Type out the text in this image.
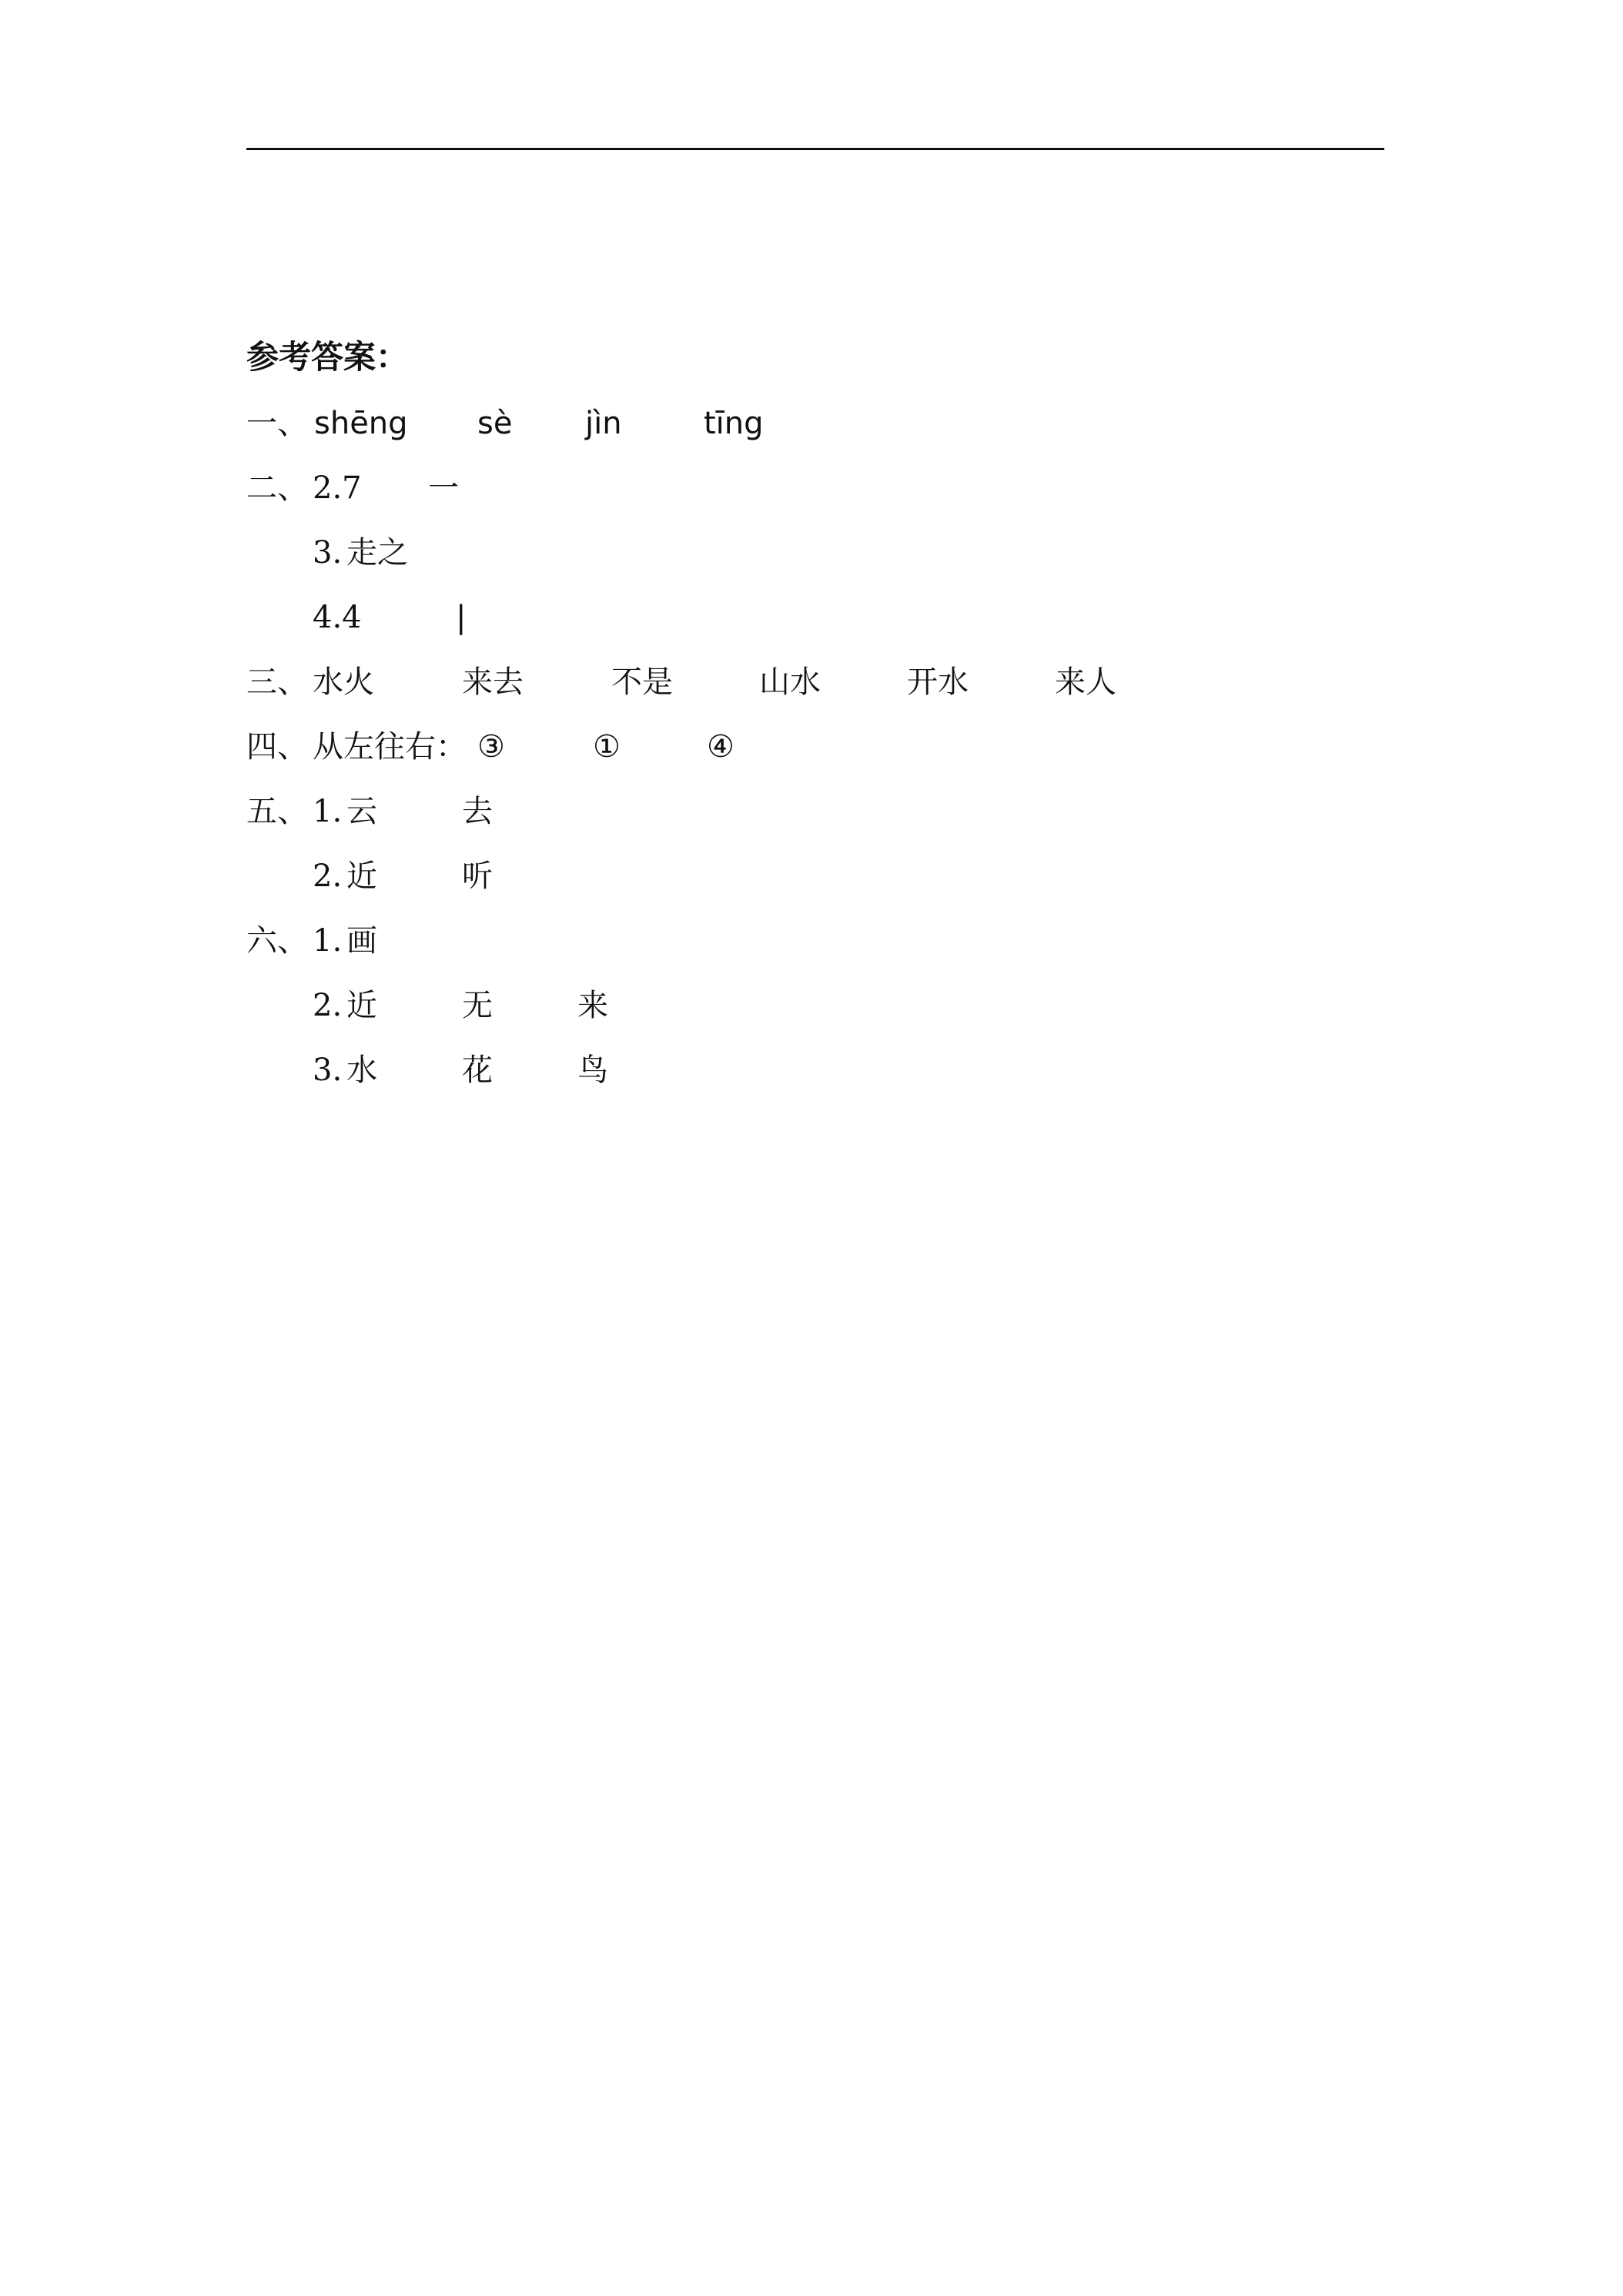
参考答案：
一、 shēng sè jìn	tīng
二、 2.7 一
3. 走之
4.4	|
三、 水火	来去	不是	山水	开水	来人
四、 从左往右： ③	①	④
五、 1. 云	去
2. 近	听
六、 1. 画
2. 近	无	来
3. 水	花	鸟
